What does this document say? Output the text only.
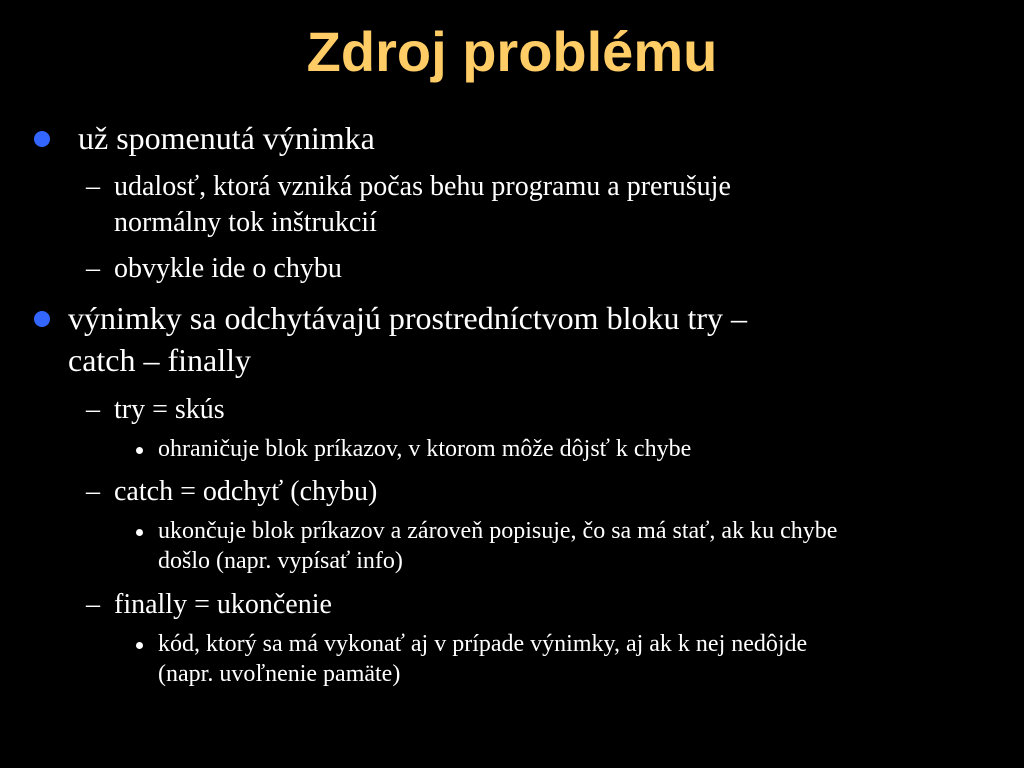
Zdroj problému

už spomenutá výnimka

– udalosť, ktorá vzniká počas behu programu a prerušuje

normálny tok inštrukcií

– obvykle ide o chybu

výnimky sa odchytávajú prostredníctvom bloku try –

catch – finally

– try = skús

ohraničuje blok príkazov, v ktorom môže dôjsť k chybe

– catch = odchyť (chybu)

ukončuje blok príkazov a zároveň popisuje, čo sa má stať, ak ku chybe

došlo (napr. vypísať info)

– finally = ukončenie

kód, ktorý sa má vykonať aj v prípade výnimky, aj ak k nej nedôjde

(napr. uvoľnenie pamäte)
